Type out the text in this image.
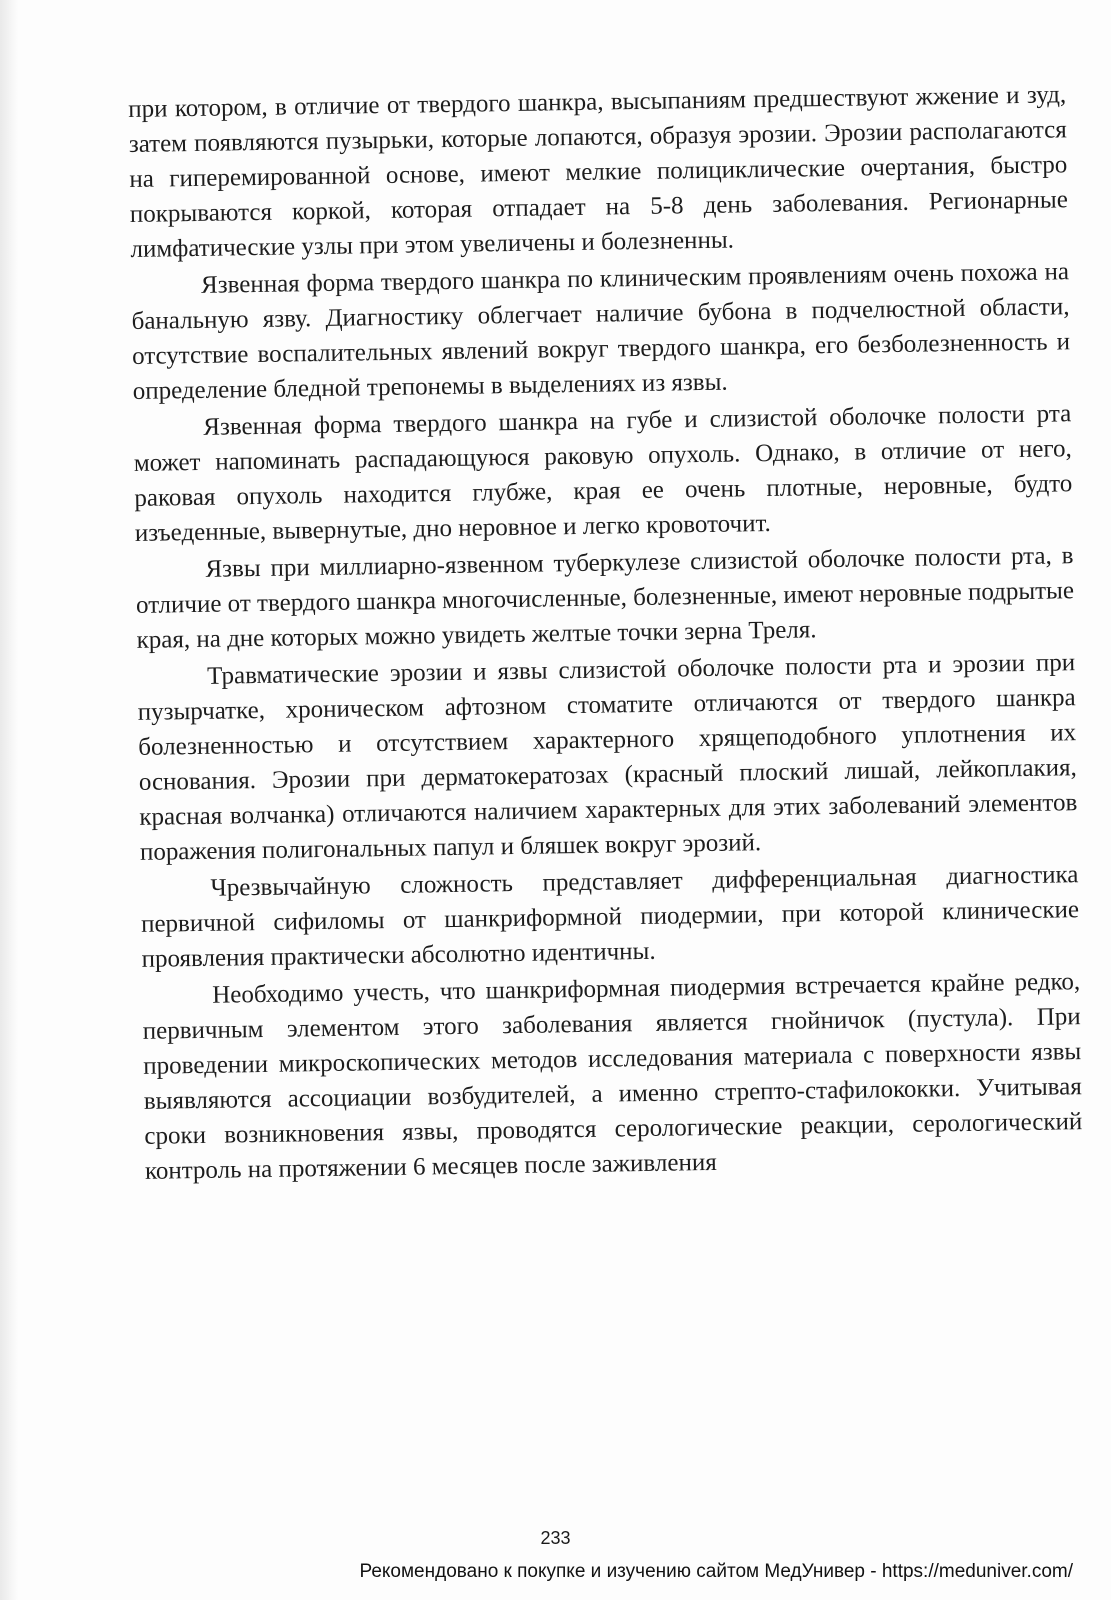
при котором, в отличие от твердого шанкра, высыпаниям предшествуют жжение и зуд, затем появляются пузырьки, которые лопаются, образуя эрозии. Эрозии располагаются на гиперемированной основе, имеют мелкие полициклические очертания, быстро покрываются коркой, которая отпадает на 5-8 день заболевания. Регионарные лимфатические узлы при этом увеличены и болезненны.

Язвенная форма твердого шанкра по клиническим проявлениям очень похожа на банальную язву. Диагностику облегчает наличие бубона в подчелюстной области, отсутствие воспалительных явлений вокруг твердого шанкра, его безболезненность и определение бледной трепонемы в выделениях из язвы.

Язвенная форма твердого шанкра на губе и слизистой оболочке полости рта может напоминать распадающуюся раковую опухоль. Однако, в отличие от него, раковая опухоль находится глубже, края ее очень плотные, неровные, будто изъеденные, вывернутые, дно неровное и легко кровоточит.

Язвы при миллиарно-язвенном туберкулезе слизистой оболочке полости рта, в отличие от твердого шанкра многочисленные, болезненные, имеют неровные подрытые края, на дне которых можно увидеть желтые точки зерна Треля.

Травматические эрозии и язвы слизистой оболочке полости рта и эрозии при пузырчатке, хроническом афтозном стоматите отличаются от твердого шанкра болезненностью и отсутствием характерного хрящеподобного уплотнения их основания. Эрозии при дерматокератозах (красный плоский лишай, лейкоплакия, красная волчанка) отличаются наличием характерных для этих заболеваний элементов поражения полигональных папул и бляшек вокруг эрозий.

Чрезвычайную сложность представляет дифференциальная диагностика первичной сифиломы от шанкриформной пиодермии, при которой клинические проявления практически абсолютно идентичны.

Необходимо учесть, что шанкриформная пиодермия встречается крайне редко, первичным элементом этого заболевания является гнойничок (пустула). При проведении микроскопических методов исследования материала с поверхности язвы выявляются ассоциации возбудителей, а именно стрепто-стафилококки. Учитывая сроки возникновения язвы, проводятся серологические реакции, серологический контроль на протяжении 6 месяцев после заживления

233
Рекомендовано к покупке и изучению сайтом МедУнивер - https://meduniver.com/
